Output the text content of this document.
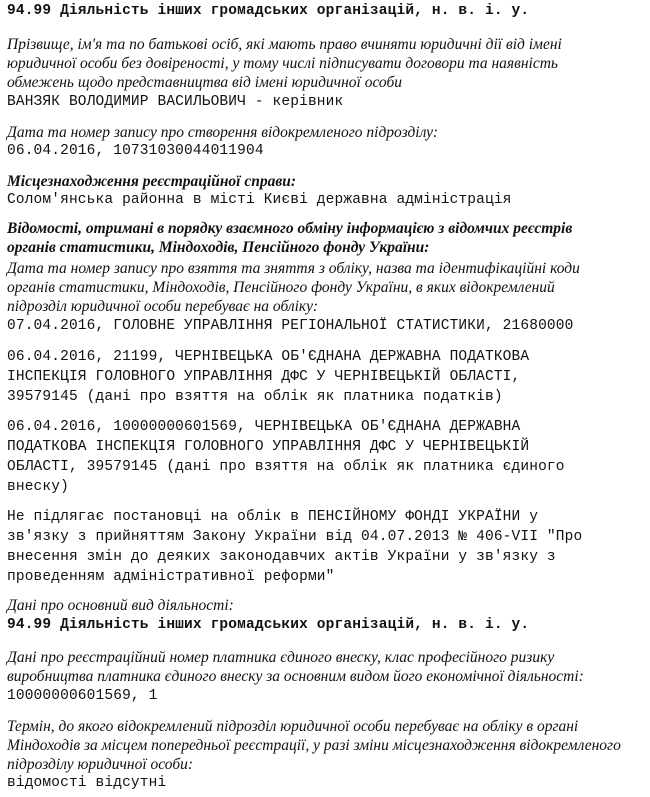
94.99 Діяльність інших громадських організацій, н. в. і. у.

Прізвище, ім'я та по батькові осіб, які мають право вчиняти юридичні дії від імені

юридичної особи без довіреності, у тому числі підписувати договори та наявність

обмежень щодо представництва від імені юридичної особи

ВАНЗЯК ВОЛОДИМИР ВАСИЛЬОВИЧ - керівник

Дата та номер запису про створення відокремленого підрозділу:

06.04.2016, 10731030044011904

Місцезнаходження реєстраційної справи:

Солом'янська районна в місті Києві державна адміністрація

Відомості, отримані в порядку взаємного обміну інформацією з відомчих реєстрів

органів статистики, Міндоходів, Пенсійного фонду України:

Дата та номер запису про взяття та зняття з обліку, назва та ідентифікаційні коди

органів статистики, Міндоходів, Пенсійного фонду України, в яких відокремлений

підрозділ юридичної особи перебуває на обліку:

07.04.2016, ГОЛОВНЕ УПРАВЛІННЯ РЕГІОНАЛЬНОЇ СТАТИСТИКИ, 21680000

06.04.2016, 21199, ЧЕРНІВЕЦЬКА ОБ'ЄДНАНА ДЕРЖАВНА ПОДАТКОВА

ІНСПЕКЦІЯ ГОЛОВНОГО УПРАВЛІННЯ ДФС У ЧЕРНІВЕЦЬКІЙ ОБЛАСТІ,

39579145 (дані про взяття на облік як платника податків)

06.04.2016, 10000000601569, ЧЕРНІВЕЦЬКА ОБ'ЄДНАНА ДЕРЖАВНА

ПОДАТКОВА ІНСПЕКЦІЯ ГОЛОВНОГО УПРАВЛІННЯ ДФС У ЧЕРНІВЕЦЬКІЙ

ОБЛАСТІ, 39579145 (дані про взяття на облік як платника єдиного

внеску)

Не підлягає постановці на облік в ПЕНСІЙНОМУ ФОНДІ УКРАЇНИ у

зв'язку з прийняттям Закону України від 04.07.2013 № 406-VII "Про

внесення змін до деяких законодавчих актів України у зв'язку з

проведенням адміністративної реформи"

Дані про основний вид діяльності:

94.99 Діяльність інших громадських організацій, н. в. і. у.

Дані про реєстраційний номер платника єдиного внеску, клас професійного ризику

виробництва платника єдиного внеску за основним видом його економічної діяльності:

10000000601569, 1

Термін, до якого відокремлений підрозділ юридичної особи перебуває на обліку в органі

Міндоходів за місцем попередньої реєстрації, у разі зміни місцезнаходження відокремленого

підрозділу юридичної особи:

відомості відсутні
